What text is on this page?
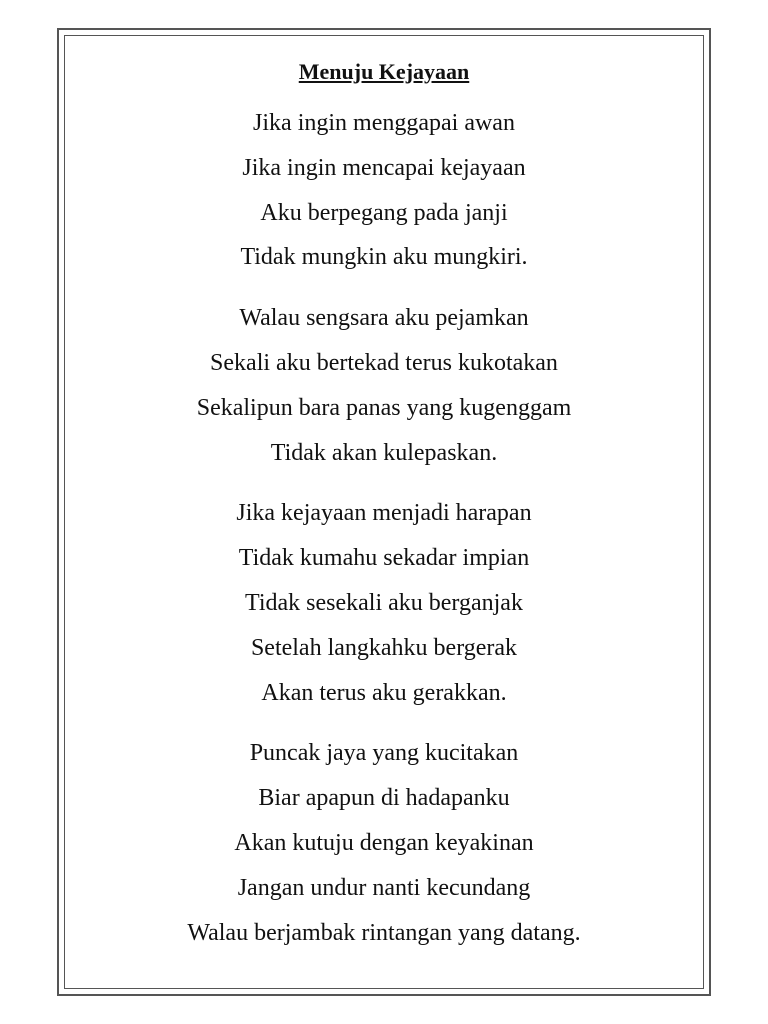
Menuju Kejayaan
Jika ingin menggapai awan
Jika ingin mencapai kejayaan
Aku berpegang pada janji
Tidak mungkin aku mungkiri.
Walau sengsara aku pejamkan
Sekali aku bertekad terus kukotakan
Sekalipun bara panas yang kugenggam
Tidak akan kulepaskan.
Jika kejayaan menjadi harapan
Tidak kumahu sekadar impian
Tidak sesekali aku berganjak
Setelah langkahku bergerak
Akan terus aku gerakkan.
Puncak jaya yang kucitakan
Biar apapun di hadapanku
Akan kutuju dengan keyakinan
Jangan undur nanti kecundang
Walau berjambak rintangan yang datang.
